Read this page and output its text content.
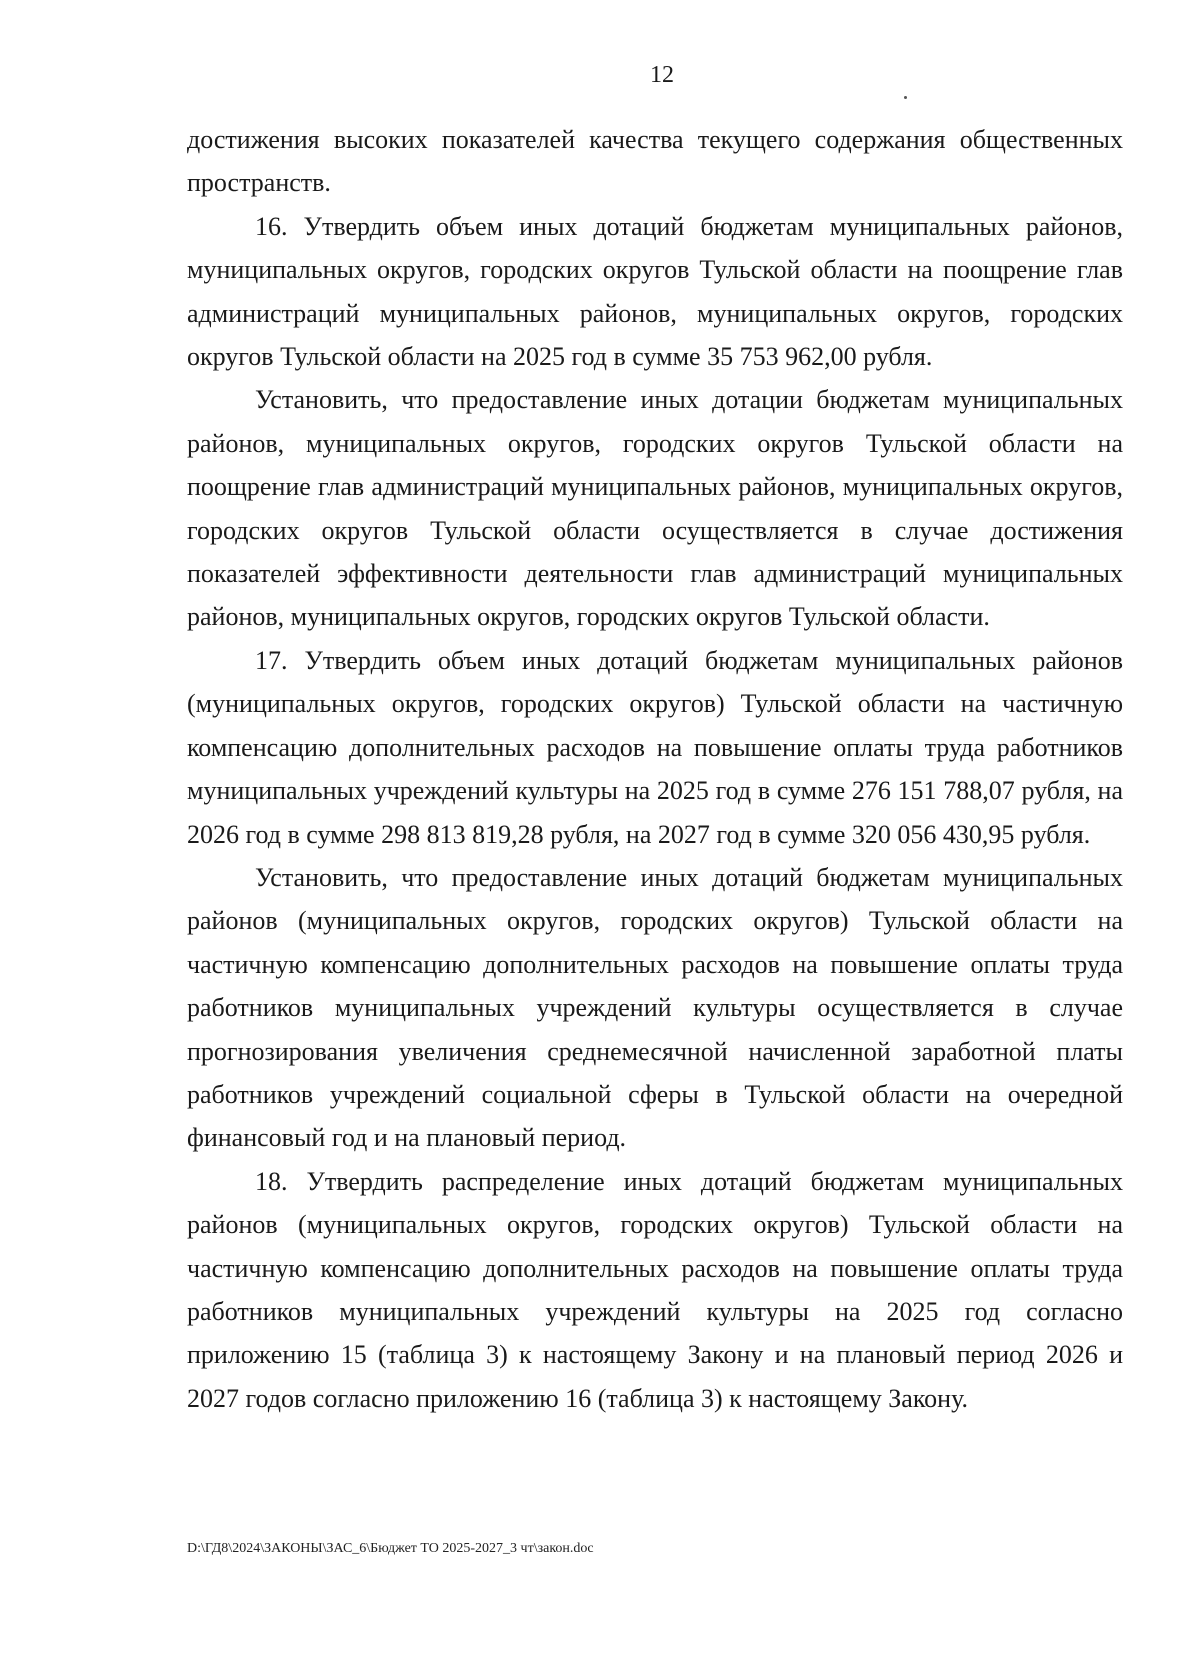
12

достижения высоких показателей качества текущего содержания общественных пространств.

16. Утвердить объем иных дотаций бюджетам муниципальных районов, муниципальных округов, городских округов Тульской области на поощрение глав администраций муниципальных районов, муниципальных округов, городских округов Тульской области на 2025 год в сумме 35 753 962,00 рубля.

Установить, что предоставление иных дотации бюджетам муниципальных районов, муниципальных округов, городских округов Тульской области на поощрение глав администраций муниципальных районов, муниципальных округов, городских округов Тульской области осуществляется в случае достижения показателей эффективности деятельности глав администраций муниципальных районов, муниципальных округов, городских округов Тульской области.

17. Утвердить объем иных дотаций бюджетам муниципальных районов (муниципальных округов, городских округов) Тульской области на частичную компенсацию дополнительных расходов на повышение оплаты труда работников муниципальных учреждений культуры на 2025 год в сумме 276 151 788,07 рубля, на 2026 год в сумме 298 813 819,28 рубля, на 2027 год в сумме 320 056 430,95 рубля.

Установить, что предоставление иных дотаций бюджетам муниципальных районов (муниципальных округов, городских округов) Тульской области на частичную компенсацию дополнительных расходов на повышение оплаты труда работников муниципальных учреждений культуры осуществляется в случае прогнозирования увеличения среднемесячной начисленной заработной платы работников учреждений социальной сферы в Тульской области на очередной финансовый год и на плановый период.

18. Утвердить распределение иных дотаций бюджетам муниципальных районов (муниципальных округов, городских округов) Тульской области на частичную компенсацию дополнительных расходов на повышение оплаты труда работников муниципальных учреждений культуры на 2025 год согласно приложению 15 (таблица 3) к настоящему Закону и на плановый период 2026 и 2027 годов согласно приложению 16 (таблица 3) к настоящему Закону.

D:\ГД8\2024\ЗАКОНЫ\ЗАС_6\Бюджет ТО 2025-2027_3 чт\закон.doc
